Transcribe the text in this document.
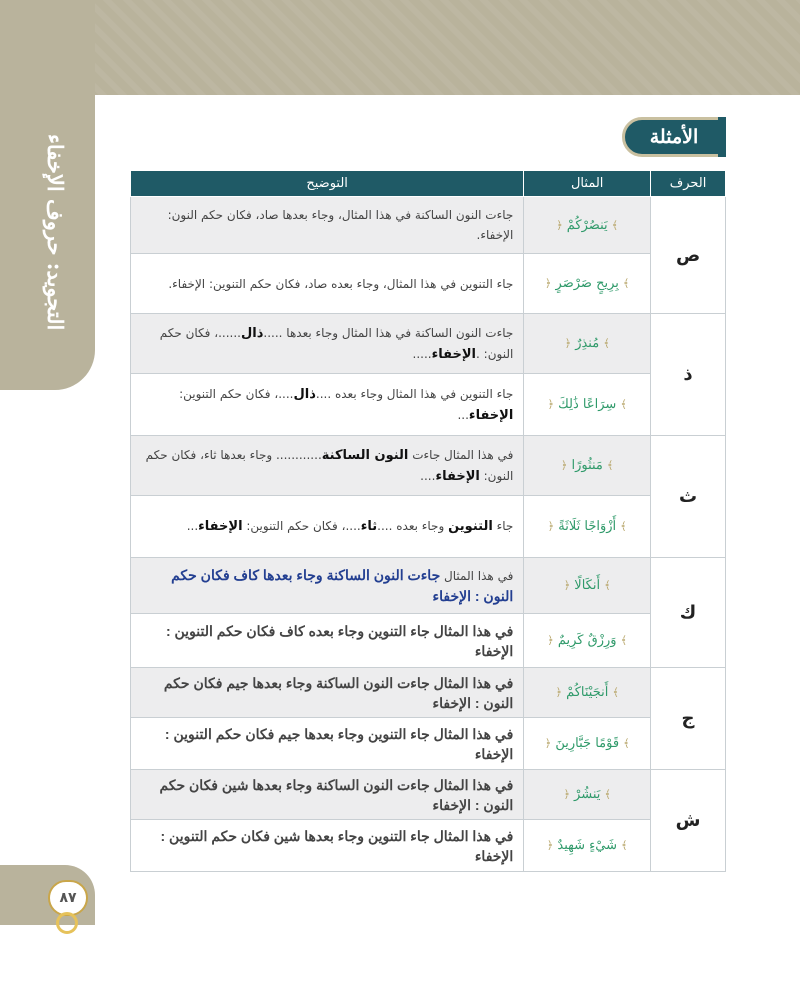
التجويد: حروف الإخفاء	الأمثلة
الحرف	المثال	التوضيح
ص	﴾ يَنصُرْكُمْ ﴿	جاءت النون الساكنة في هذا المثال، وجاء بعدها صاد، فكان حكم النون: الإخفاء.
	﴾ بِرِيحٍ صَرْصَرٍ ﴿	جاء التنوين في هذا المثال، وجاء بعده صاد، فكان حكم التنوين: الإخفاء.
ذ	﴾ مُنذِرٌ ﴿	جاءت النون الساكنة في هذا المثال وجاء بعدها .....ذال......، فكان حكم النون: .الإخفاء.....
	﴾ سِرَاعًا ذَٰلِكَ ﴿	جاء التنوين في هذا المثال وجاء بعده ....ذال....، فكان حكم التنوين: الإخفاء...
ث	﴾ مَنثُورًا ﴿	في هذا المثال جاءت النون الساكنة............ وجاء بعدها ثاء، فكان حكم النون: الإخفاء....
	﴾ أَزْوَاجًا ثَلَاثَةً ﴿	جاء التنوين وجاء بعده ....ثاء....، فكان حكم التنوين: الإخفاء...
ك	﴾ أَنكَالًا ﴿	في هذا المثال جاءت النون الساكنة وجاء بعدها كاف فكان حكم النون : الإخفاء
	﴾ وَرِزْقٌ كَرِيمٌ ﴿	في هذا المثال جاء التنوين وجاء بعده كاف فكان حكم التنوين : الإخفاء
ج	﴾ أَنجَيْنَاكُمْ ﴿	في هذا المثال جاءت النون الساكنة وجاء بعدها جيم فكان حكم النون : الإخفاء
	﴾ قَوْمًا جَبَّارِينَ ﴿	في هذا المثال جاء التنوين وجاء بعدها جيم فكان حكم التنوين : الإخفاء
ش	﴾ يَنشُرْ ﴿	في هذا المثال جاءت النون الساكنة وجاء بعدها شين فكان حكم النون : الإخفاء
	﴾ شَيْءٍ شَهِيدٌ ﴿	في هذا المثال جاء التنوين وجاء بعدها شين فكان حكم التنوين : الإخفاء
٨٧
